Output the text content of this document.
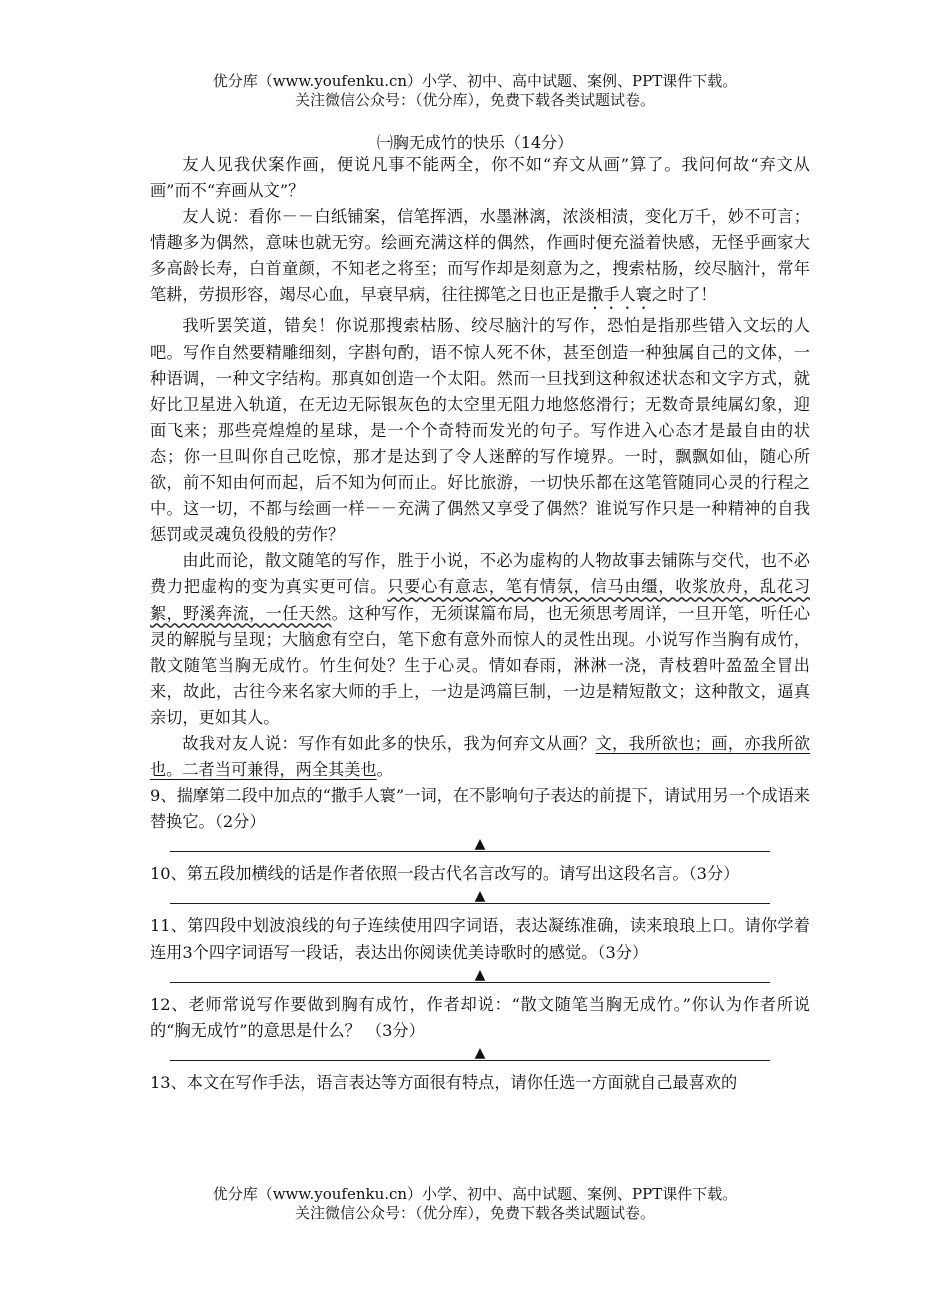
优分库（www.youfenku.cn）小学、初中、高中试题、案例、PPT课件下载。
关注微信公众号：（优分库），免费下载各类试题试卷。
㈠胸无成竹的快乐（14分）

友人见我伏案作画，便说凡事不能两全，你不如“弃文从画”算了。我问何故“弃文从画”而不“弃画从文”？

友人说：看你－－白纸铺案，信笔挥洒，水墨淋漓，浓淡相渍，变化万千，妙不可言；情趣多为偶然，意味也就无穷。绘画充满这样的偶然，作画时便充溢着快感，无怪乎画家大多高龄长寿，白首童颜，不知老之将至；而写作却是刻意为之，搜索枯肠，绞尽脑汁，常年笔耕，劳损形容，竭尽心血，早衰早病，往往掷笔之日也正是撒手人寰之时了！

我听罢笑道，错矣！你说那搜索枯肠、绞尽脑汁的写作，恐怕是指那些错入文坛的人吧。写作自然要精雕细刻，字斟句酌，语不惊人死不休，甚至创造一种独属自己的文体，一种语调，一种文字结构。那真如创造一个太阳。然而一旦找到这种叙述状态和文字方式，就好比卫星进入轨道，在无边无际银灰色的太空里无阻力地悠悠滑行；无数奇景纯属幻象，迎面飞来；那些亮煌煌的星球，是一个个奇特而发光的句子。写作进入心态才是最自由的状态；你一旦叫你自己吃惊，那才是达到了令人迷醉的写作境界。一时，飘飘如仙，随心所欲，前不知由何而起，后不知为何而止。好比旅游，一切快乐都在这笔管随同心灵的行程之中。这一切，不都与绘画一样－－充满了偶然又享受了偶然？谁说写作只是一种精神的自我惩罚或灵魂负役般的劳作？

由此而论，散文随笔的写作，胜于小说，不必为虚构的人物故事去铺陈与交代，也不必费力把虚构的变为真实更可信。只要心有意志，笔有情氛，信马由缰，收浆放舟，乱花习絮，野溪奔流，一任天然。这种写作，无须谋篇布局，也无须思考周详，一旦开笔，听任心灵的解脱与呈现；大脑愈有空白，笔下愈有意外而惊人的灵性出现。小说写作当胸有成竹，散文随笔当胸无成竹。竹生何处？生于心灵。情如春雨，淋淋一浇，青枝碧叶盈盈全冒出来，故此，古往今来名家大师的手上，一边是鸿篇巨制，一边是精短散文；这种散文，逼真亲切，更如其人。

故我对友人说：写作有如此多的快乐，我为何弃文从画？文，我所欲也；画，亦我所欲也。二者当可兼得，两全其美也。

9、揣摩第二段中加点的“撒手人寰”一词，在不影响句子表达的前提下，请试用另一个成语来替换它。（2分）

▲

10、第五段加横线的话是作者依照一段古代名言改写的。请写出这段名言。（3分）

▲

11、第四段中划波浪线的句子连续使用四字词语，表达凝练准确，读来琅琅上口。请你学着连用3个四字词语写一段话，表达出你阅读优美诗歌时的感觉。（3分）

▲

12、老师常说写作要做到胸有成竹，作者却说：“散文随笔当胸无成竹。”你认为作者所说的“胸无成竹”的意思是什么？ （3分）

▲

13、本文在写作手法，语言表达等方面很有特点，请你任选一方面就自己最喜欢的

优分库（www.youfenku.cn）小学、初中、高中试题、案例、PPT课件下载。
关注微信公众号：（优分库），免费下载各类试题试卷。
